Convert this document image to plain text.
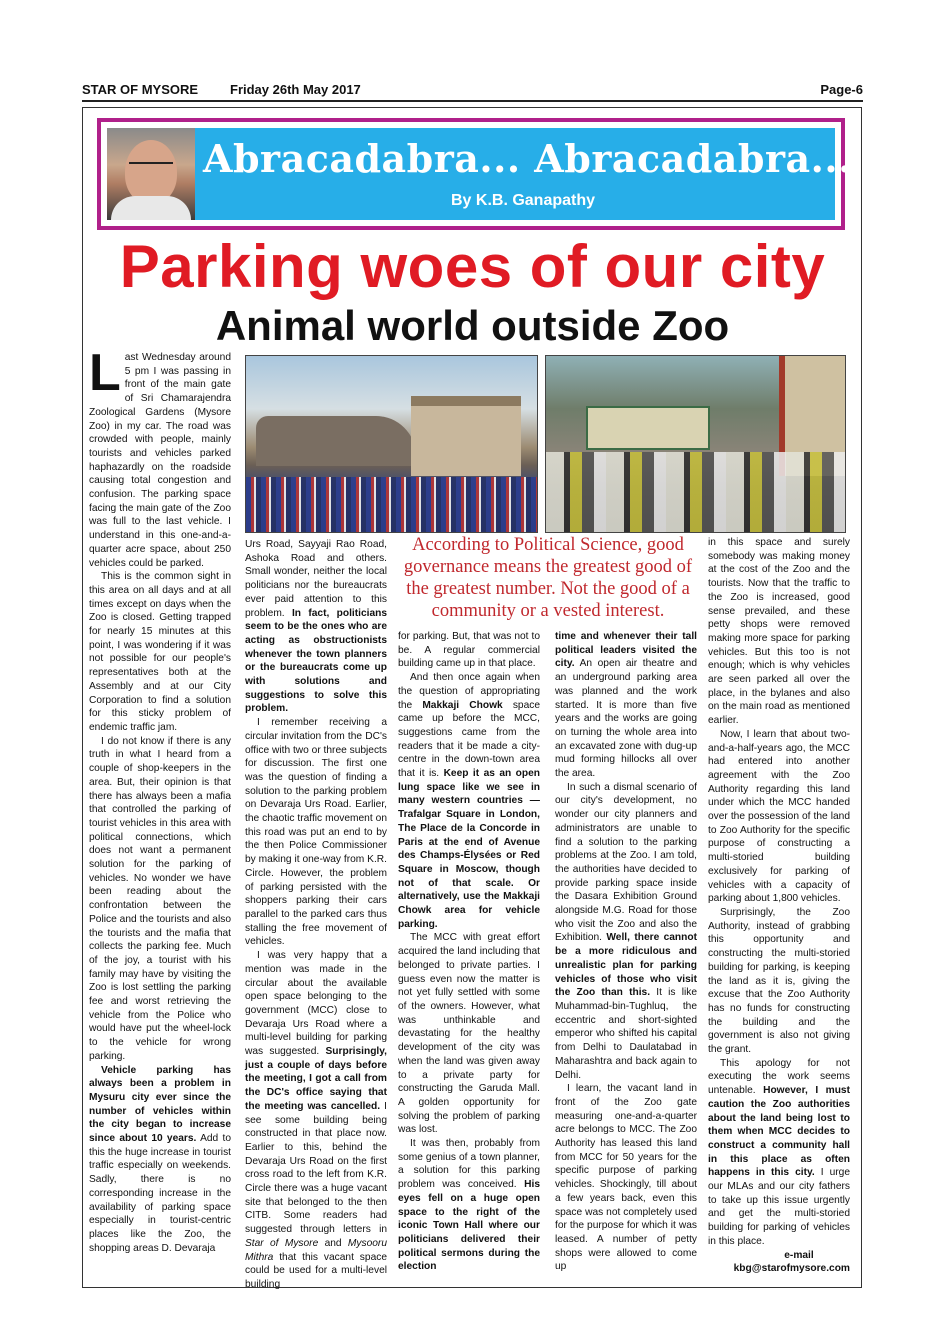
STAR OF MYSORE Friday 26th May 2017	Page-6
Abracadabra... Abracadabra...
By K.B. Ganapathy
Parking woes of our city
Animal world outside Zoo

Last Wednesday around 5 pm I was passing in front of the main gate of Sri Chamarajendra Zoological Gardens (Mysore Zoo) in my car. The road was crowded with people, mainly tourists and vehicles parked haphazardly on the roadside causing total congestion and confusion. The parking space facing the main gate of the Zoo was full to the last vehicle. I understand in this one-and-a-quarter acre space, about 250 vehicles could be parked.

This is the common sight in this area on all days and at all times except on days when the Zoo is closed. Getting trapped for nearly 15 minutes at this point, I was wondering if it was not possible for our people's representatives both at the Assembly and at our City Corporation to find a solution for this sticky problem of endemic traffic jam.

I do not know if there is any truth in what I heard from a couple of shop-keepers in the area. But, their opinion is that there has always been a mafia that controlled the parking of tourist vehicles in this area with political connections, which does not want a permanent solution for the parking of vehicles. No wonder we have been reading about the confrontation between the Police and the tourists and also the tourists and the mafia that collects the parking fee. Much of the joy, a tourist with his family may have by visiting the Zoo is lost settling the parking fee and worst retrieving the vehicle from the Police who would have put the wheel-lock to the vehicle for wrong parking.

Vehicle parking has always been a problem in Mysuru city ever since the number of vehicles within the city began to increase since about 10 years. Add to this the huge increase in tourist traffic especially on weekends. Sadly, there is no corresponding increase in the availability of parking space especially in tourist-centric places like the Zoo, the shopping areas D. Devaraja

Urs Road, Sayyaji Rao Road, Ashoka Road and others. Small wonder, neither the local politicians nor the bureaucrats ever paid attention to this problem. In fact, politicians seem to be the ones who are acting as obstructionists whenever the town planners or the bureaucrats come up with solutions and suggestions to solve this problem.

I remember receiving a circular invitation from the DC's office with two or three subjects for discussion. The first one was the question of finding a solution to the parking problem on Devaraja Urs Road. Earlier, the chaotic traffic movement on this road was put an end to by the then Police Commissioner by making it one-way from K.R. Circle. However, the problem of parking persisted with the shoppers parking their cars parallel to the parked cars thus stalling the free movement of vehicles.

I was very happy that a mention was made in the circular about the available open space belonging to the government (MCC) close to Devaraja Urs Road where a multi-level building for parking was suggested. Surprisingly, just a couple of days before the meeting, I got a call from the DC's office saying that the meeting was cancelled. I see some building being constructed in that place now. Earlier to this, behind the Devaraja Urs Road on the first cross road to the left from K.R. Circle there was a huge vacant site that belonged to the then CITB. Some readers had suggested through letters in Star of Mysore and Mysooru Mithra that this vacant space could be used for a multi-level building

According to Political Science, good governance means the greatest good of the greatest number. Not the good of a community or a vested interest.

for parking. But, that was not to be. A regular commercial building came up in that place.

And then once again when the question of appropriating the Makkaji Chowk space came up before the MCC, suggestions came from the readers that it be made a city-centre in the down-town area that it is. Keep it as an open lung space like we see in many western countries — Trafalgar Square in London, The Place de la Concorde in Paris at the end of Avenue des Champs-Élysées or Red Square in Moscow, though not of that scale. Or alternatively, use the Makkaji Chowk area for vehicle parking.

The MCC with great effort acquired the land including that belonged to private parties. I guess even now the matter is not yet fully settled with some of the owners. However, what was unthinkable and devastating for the healthy development of the city was when the land was given away to a private party for constructing the Garuda Mall. A golden opportunity for solving the problem of parking was lost.

It was then, probably from some genius of a town planner, a solution for this parking problem was conceived. His eyes fell on a huge open space to the right of the iconic Town Hall where our politicians delivered their political sermons during the election

time and whenever their tall political leaders visited the city. An open air theatre and an underground parking area was planned and the work started. It is more than five years and the works are going on turning the whole area into an excavated zone with dug-up mud forming hillocks all over the area.

In such a dismal scenario of our city's development, no wonder our city planners and administrators are unable to find a solution to the parking problems at the Zoo. I am told, the authorities have decided to provide parking space inside the Dasara Exhibition Ground alongside M.G. Road for those who visit the Zoo and also the Exhibition. Well, there cannot be a more ridiculous and unrealistic plan for parking vehicles of those who visit the Zoo than this. It is like Muhammad-bin-Tughluq, the eccentric and short-sighted emperor who shifted his capital from Delhi to Daulatabad in Maharashtra and back again to Delhi.

I learn, the vacant land in front of the Zoo gate measuring one-and-a-quarter acre belongs to MCC. The Zoo Authority has leased this land from MCC for 50 years for the specific purpose of parking vehicles. Shockingly, till about a few years back, even this space was not completely used for the purpose for which it was leased. A number of petty shops were allowed to come up

in this space and surely somebody was making money at the cost of the Zoo and the tourists. Now that the traffic to the Zoo is increased, good sense prevailed, and these petty shops were removed making more space for parking vehicles. But this too is not enough; which is why vehicles are seen parked all over the place, in the bylanes and also on the main road as mentioned earlier.

Now, I learn that about two-and-a-half-years ago, the MCC had entered into another agreement with the Zoo Authority regarding this land under which the MCC handed over the possession of the land to Zoo Authority for the specific purpose of constructing a multi-storied building exclusively for parking of vehicles with a capacity of parking about 1,800 vehicles.

Surprisingly, the Zoo Authority, instead of grabbing this opportunity and constructing the multi-storied building for parking, is keeping the land as it is, giving the excuse that the Zoo Authority has no funds for constructing the building and the government is also not giving the grant.

This apology for not executing the work seems untenable. However, I must caution the Zoo authorities about the land being lost to them when MCC decides to construct a community hall in this place as often happens in this city. I urge our MLAs and our city fathers to take up this issue urgently and get the multi-storied building for parking of vehicles in this place.

e-mail
kbg@starofmysore.com
